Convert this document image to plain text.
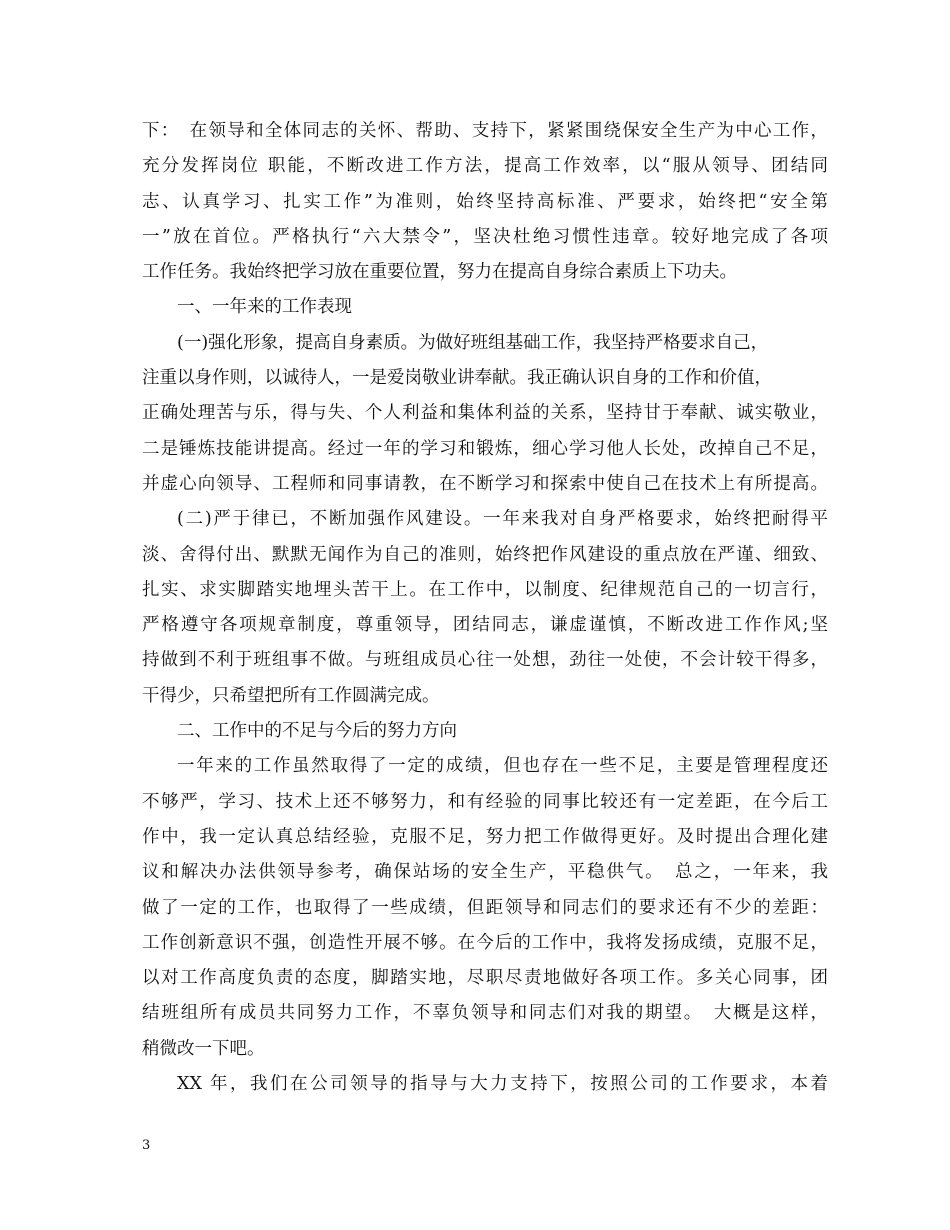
下：　在领导和全体同志的关怀、帮助、支持下，紧紧围绕保安全生产为中心工作，
充分发挥岗位 职能，不断改进工作方法，提高工作效率，以“服从领导、团结同
志、认真学习、扎实工作”为准则，始终坚持高标准、严要求，始终把“安全第
一”放在首位。严格执行“六大禁令”，坚决杜绝习惯性违章。较好地完成了各项
工作任务。我始终把学习放在重要位置，努力在提高自身综合素质上下功夫。
一、一年来的工作表现
(一)强化形象，提高自身素质。为做好班组基础工作，我坚持严格要求自己，
注重以身作则，以诚待人，一是爱岗敬业讲奉献。我正确认识自身的工作和价值，
正确处理苦与乐，得与失、个人利益和集体利益的关系，坚持甘于奉献、诚实敬业，
二是锤炼技能讲提高。经过一年的学习和锻炼，细心学习他人长处，改掉自己不足，
并虚心向领导、工程师和同事请教，在不断学习和探索中使自己在技术上有所提高。
(二)严于律已，不断加强作风建设。一年来我对自身严格要求，始终把耐得平
淡、舍得付出、默默无闻作为自己的准则，始终把作风建设的重点放在严谨、细致、
扎实、求实脚踏实地埋头苦干上。在工作中，以制度、纪律规范自己的一切言行，
严格遵守各项规章制度，尊重领导，团结同志，谦虚谨慎，不断改进工作作风;坚
持做到不利于班组事不做。与班组成员心往一处想，劲往一处使，不会计较干得多，
干得少，只希望把所有工作圆满完成。
二、工作中的不足与今后的努力方向
一年来的工作虽然取得了一定的成绩，但也存在一些不足，主要是管理程度还
不够严，学习、技术上还不够努力，和有经验的同事比较还有一定差距，在今后工
作中，我一定认真总结经验，克服不足，努力把工作做得更好。及时提出合理化建
议和解决办法供领导参考，确保站场的安全生产，平稳供气。　总之，一年来，我
做了一定的工作，也取得了一些成绩，但距领导和同志们的要求还有不少的差距：
工作创新意识不强，创造性开展不够。在今后的工作中，我将发扬成绩，克服不足，
以对工作高度负责的态度，脚踏实地，尽职尽责地做好各项工作。多关心同事，团
结班组所有成员共同努力工作，不辜负领导和同志们对我的期望。　大概是这样，
稍微改一下吧。
XX 年，我们在公司领导的指导与大力支持下，按照公司的工作要求，本着
3
